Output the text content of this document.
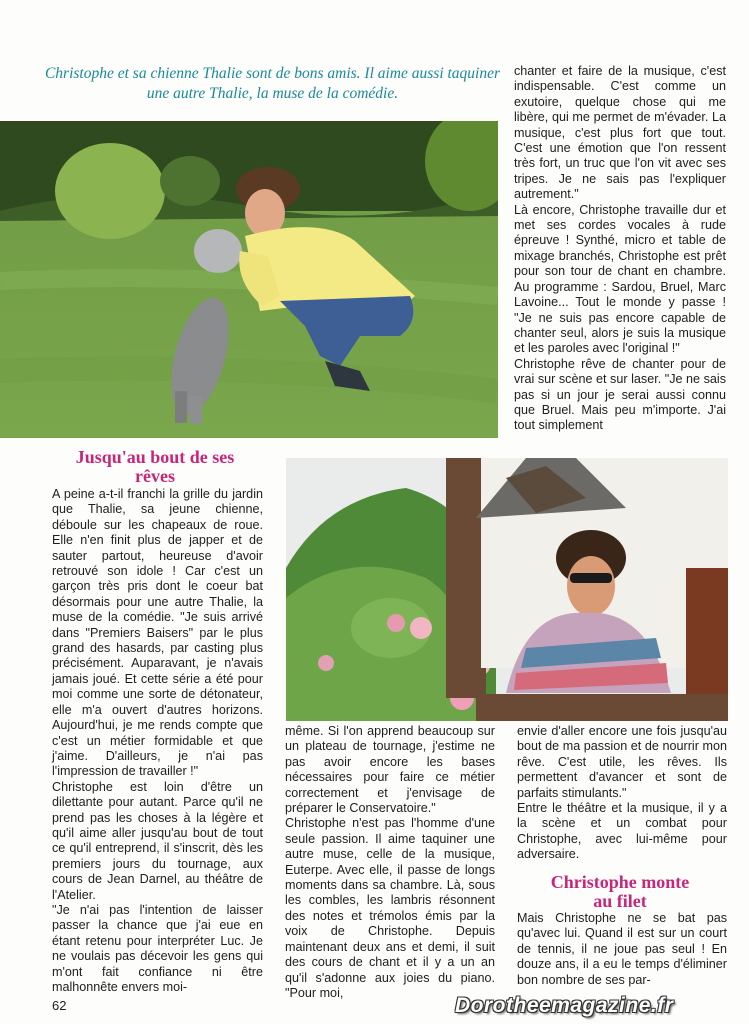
Christophe et sa chienne Thalie sont de bons amis. Il aime aussi taquiner une autre Thalie, la muse de la comédie.

chanter et faire de la musique, c'est indispensable. C'est comme un exutoire, quelque chose qui me libère, qui me permet de m'évader. La musique, c'est plus fort que tout. C'est une émotion que l'on ressent très fort, un truc que l'on vit avec ses tripes. Je ne sais pas l'expliquer autrement."

Là encore, Christophe travaille dur et met ses cordes vocales à rude épreuve ! Synthé, micro et table de mixage branchés, Christophe est prêt pour son tour de chant en chambre. Au programme : Sardou, Bruel, Marc Lavoine... Tout le monde y passe ! "Je ne suis pas encore capable de chanter seul, alors je suis la musique et les paroles avec l'original !"

Christophe rêve de chanter pour de vrai sur scène et sur laser. "Je ne sais pas si un jour je serai aussi connu que Bruel. Mais peu m'importe. J'ai tout simplement

Jusqu'au bout de ses rêves

A peine a-t-il franchi la grille du jardin que Thalie, sa jeune chienne, déboule sur les chapeaux de roue. Elle n'en finit plus de japper et de sauter partout, heureuse d'avoir retrouvé son idole ! Car c'est un garçon très pris dont le coeur bat désormais pour une autre Thalie, la muse de la comédie. "Je suis arrivé dans "Premiers Baisers" par le plus grand des hasards, par casting plus précisément. Auparavant, je n'avais jamais joué. Et cette série a été pour moi comme une sorte de détonateur, elle m'a ouvert d'autres horizons. Aujourd'hui, je me rends compte que c'est un métier formidable et que j'aime. D'ailleurs, je n'ai pas l'impression de travailler !"

Christophe est loin d'être un dilettante pour autant. Parce qu'il ne prend pas les choses à la légère et qu'il aime aller jusqu'au bout de tout ce qu'il entreprend, il s'inscrit, dès les premiers jours du tournage, aux cours de Jean Darnel, au théâtre de l'Atelier.

"Je n'ai pas l'intention de laisser passer la chance que j'ai eue en étant retenu pour interpréter Luc. Je ne voulais pas décevoir les gens qui m'ont fait confiance ni être malhonnête envers moi-

même. Si l'on apprend beaucoup sur un plateau de tournage, j'estime ne pas avoir encore les bases nécessaires pour faire ce métier correctement et j'envisage de préparer le Conservatoire."

Christophe n'est pas l'homme d'une seule passion. Il aime taquiner une autre muse, celle de la musique, Euterpe. Avec elle, il passe de longs moments dans sa chambre. Là, sous les combles, les lambris résonnent des notes et trémolos émis par la voix de Christophe. Depuis maintenant deux ans et demi, il suit des cours de chant et il y a un an qu'il s'adonne aux joies du piano. "Pour moi,

envie d'aller encore une fois jusqu'au bout de ma passion et de nourrir mon rêve. C'est utile, les rêves. Ils permettent d'avancer et sont de parfaits stimulants."

Entre le théâtre et la musique, il y a la scène et un combat pour Christophe, avec lui-même pour adversaire.

Christophe monte au filet

Mais Christophe ne se bat pas qu'avec lui. Quand il est sur un court de tennis, il ne joue pas seul ! En douze ans, il a eu le temps d'éliminer bon nombre de ses par-

62	Dorotheemagazine.fr
